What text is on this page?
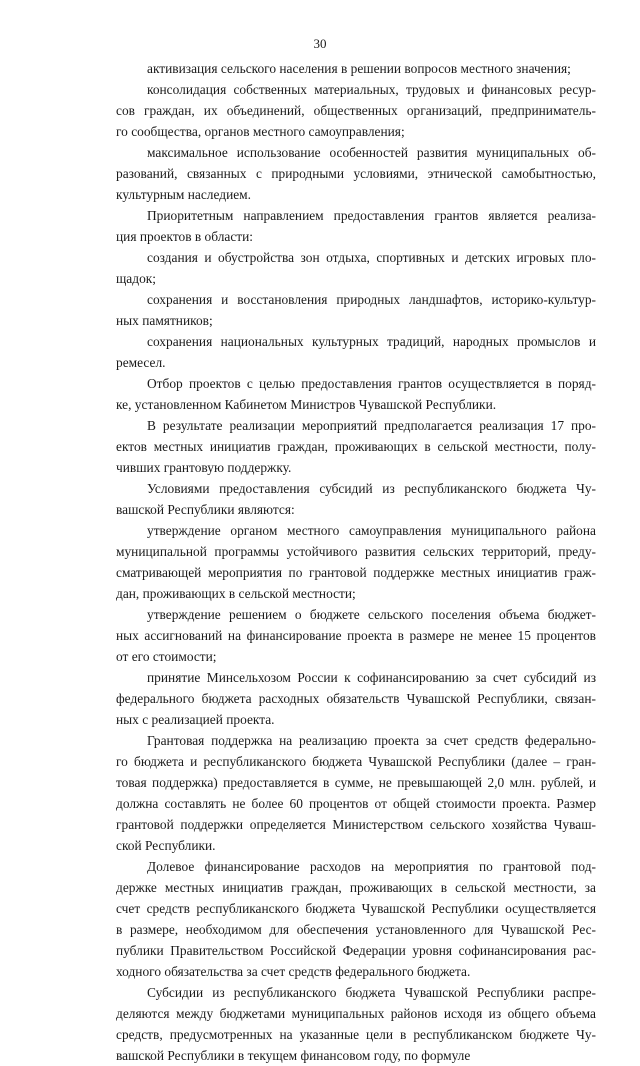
30
активизация сельского населения в решении вопросов местного значения;
консолидация собственных материальных, трудовых и финансовых ресур-
сов граждан, их объединений, общественных организаций, предприниматель-
го сообщества, органов местного самоуправления;
максимальное использование особенностей развития муниципальных об-
разований, связанных с природными условиями, этнической самобытностью,
культурным наследием.
Приоритетным направлением предоставления грантов является реализа-
ция проектов в области:
создания и обустройства зон отдыха, спортивных и детских игровых пло-
щадок;
сохранения и восстановления природных ландшафтов, историко-культур-
ных памятников;
сохранения национальных культурных традиций, народных промыслов и
ремесел.
Отбор проектов с целью предоставления грантов осуществляется в поряд-
ке, установленном Кабинетом Министров Чувашской Республики.
В результате реализации мероприятий предполагается реализация 17 про-
ектов местных инициатив граждан, проживающих в сельской местности, полу-
чивших грантовую поддержку.
Условиями предоставления субсидий из республиканского бюджета Чу-
вашской Республики являются:
утверждение органом местного самоуправления муниципального района
муниципальной программы устойчивого развития сельских территорий, преду-
сматривающей мероприятия по грантовой поддержке местных инициатив граж-
дан, проживающих в сельской местности;
утверждение решением о бюджете сельского поселения объема бюджет-
ных ассигнований на финансирование проекта в размере не менее 15 процентов
от его стоимости;
принятие Минсельхозом России к софинансированию за счет субсидий из
федерального бюджета расходных обязательств Чувашской Республики, связан-
ных с реализацией проекта.
Грантовая поддержка на реализацию проекта за счет средств федерально-
го бюджета и республиканского бюджета Чувашской Республики (далее – гран-
товая поддержка) предоставляется в сумме, не превышающей 2,0 млн. рублей, и
должна составлять не более 60 процентов от общей стоимости проекта. Размер
грантовой поддержки определяется Министерством сельского хозяйства Чуваш-
ской Республики.
Долевое финансирование расходов на мероприятия по грантовой под-
держке местных инициатив граждан, проживающих в сельской местности, за
счет средств республиканского бюджета Чувашской Республики осуществляется
в размере, необходимом для обеспечения установленного для Чувашской Рес-
публики Правительством Российской Федерации уровня софинансирования рас-
ходного обязательства за счет средств федерального бюджета.
Субсидии из республиканского бюджета Чувашской Республики распре-
деляются между бюджетами муниципальных районов исходя из общего объема
средств, предусмотренных на указанные цели в республиканском бюджете Чу-
вашской Республики в текущем финансовом году, по формуле
